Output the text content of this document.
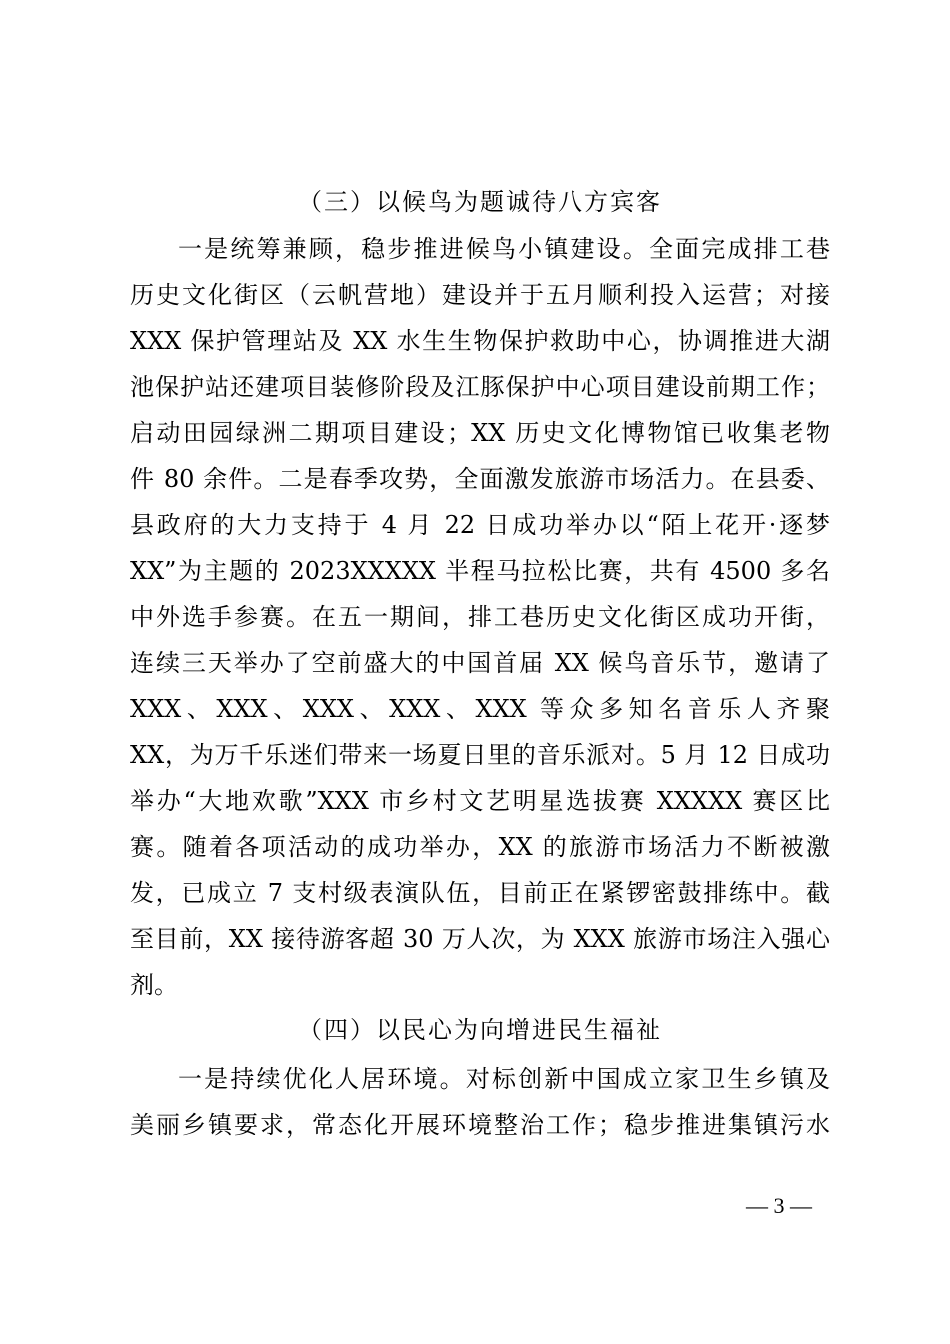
（三）以候鸟为题诚待八方宾客
一是统筹兼顾，稳步推进候鸟小镇建设。全面完成排工巷
历史文化街区（云帆营地）建设并于五月顺利投入运营；对接
XXX 保护管理站及 XX 水生生物保护救助中心，协调推进大湖
池保护站还建项目装修阶段及江豚保护中心项目建设前期工作；
启动田园绿洲二期项目建设；XX 历史文化博物馆已收集老物
件 80 余件。二是春季攻势，全面激发旅游市场活力。在县委、
县政府的大力支持于 4 月 22 日成功举办以“陌上花开·逐梦
XX”为主题的 2023XXXXX 半程马拉松比赛，共有 4500 多名
中外选手参赛。在五一期间，排工巷历史文化街区成功开街，
连续三天举办了空前盛大的中国首届 XX 候鸟音乐节，邀请了
XXX、XXX、XXX、XXX、XXX 等众多知名音乐人齐聚
XX，为万千乐迷们带来一场夏日里的音乐派对。5 月 12 日成功
举办“大地欢歌”XXX 市乡村文艺明星选拔赛 XXXXX 赛区比
赛。随着各项活动的成功举办，XX 的旅游市场活力不断被激
发，已成立 7 支村级表演队伍，目前正在紧锣密鼓排练中。截
至目前，XX 接待游客超 30 万人次，为 XXX 旅游市场注入强心
剂。
（四）以民心为向增进民生福祉
一是持续优化人居环境。对标创新中国成立家卫生乡镇及
美丽乡镇要求，常态化开展环境整治工作；稳步推进集镇污水
— 3 —
